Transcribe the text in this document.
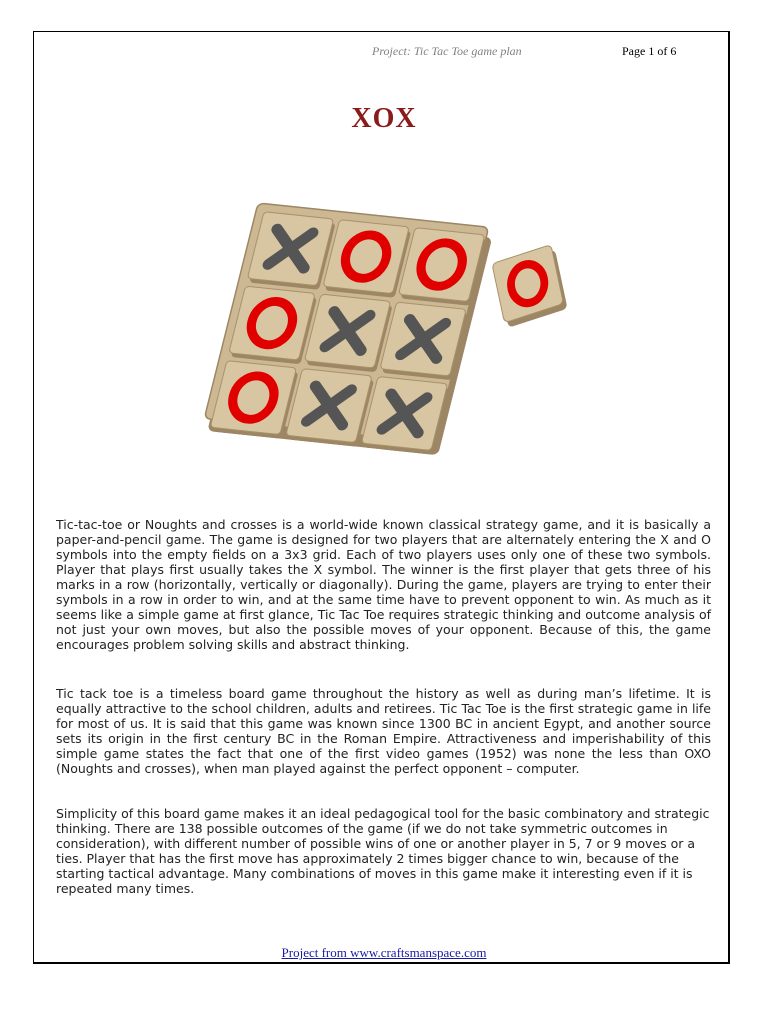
Project: Tic Tac Toe game plan	Page 1 of 6
XOX
Tic-tac-toe or Noughts and crosses is a world-wide known classical strategy game, and it is basically a paper-and-pencil game. The game is designed for two players that are alternately entering the X and O symbols into the empty fields on a 3x3 grid. Each of two players uses only one of these two symbols. Player that plays first usually takes the X symbol. The winner is the first player that gets three of his marks in a row (horizontally, vertically or diagonally). During the game, players are trying to enter their symbols in a row in order to win, and at the same time have to prevent opponent to win. As much as it seems like a simple game at first glance, Tic Tac Toe requires strategic thinking and outcome analysis of not just your own moves, but also the possible moves of your opponent. Because of this, the game encourages problem solving skills and abstract thinking.
Tic tack toe is a timeless board game throughout the history as well as during man’s lifetime. It is equally attractive to the school children, adults and retirees. Tic Tac Toe is the first strategic game in life for most of us. It is said that this game was known since 1300 BC in ancient Egypt, and another source sets its origin in the first century BC in the Roman Empire. Attractiveness and imperishability of this simple game states the fact that one of the first video games (1952) was none the less than OXO (Noughts and crosses), when man played against the perfect opponent – computer.
Simplicity of this board game makes it an ideal pedagogical tool for the basic combinatory and strategic thinking. There are 138 possible outcomes of the game (if we do not take symmetric outcomes in consideration), with different number of possible wins of one or another player in 5, 7 or 9 moves or a ties. Player that has the first move has approximately 2 times bigger chance to win, because of the starting tactical advantage. Many combinations of moves in this game make it interesting even if it is repeated many times.
Project from www.craftsmanspace.com
